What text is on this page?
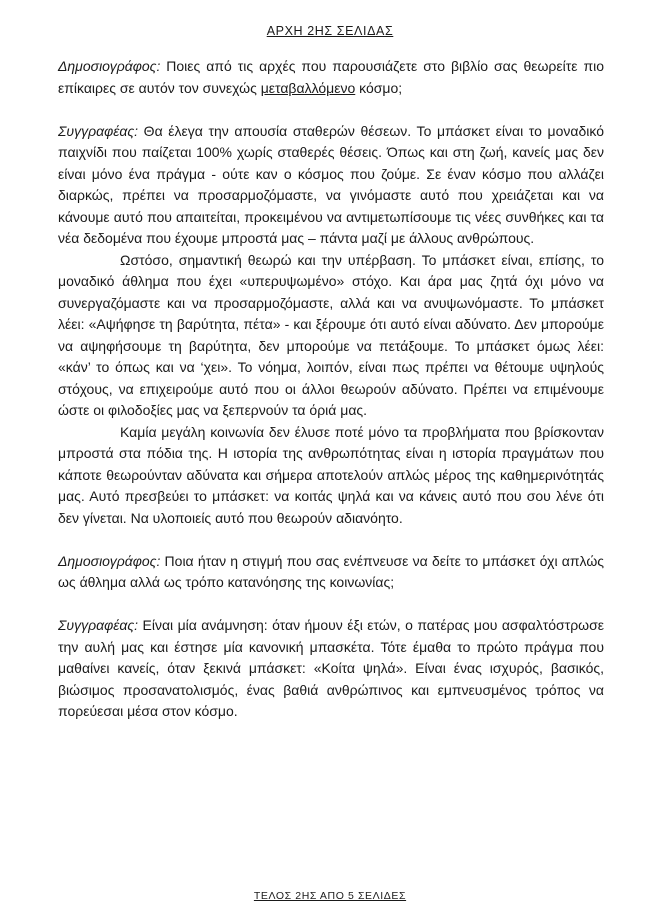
ΑΡΧΗ 2ΗΣ ΣΕΛΙΔΑΣ

Δημοσιογράφος: Ποιες από τις αρχές που παρουσιάζετε στο βιβλίο σας θεωρείτε πιο επίκαιρες σε αυτόν τον συνεχώς μεταβαλλόμενο κόσμο;

Συγγραφέας: Θα έλεγα την απουσία σταθερών θέσεων. Το μπάσκετ είναι το μοναδικό παιχνίδι που παίζεται 100% χωρίς σταθερές θέσεις. Όπως και στη ζωή, κανείς μας δεν είναι μόνο ένα πράγμα - ούτε καν ο κόσμος που ζούμε. Σε έναν κόσμο που αλλάζει διαρκώς, πρέπει να προσαρμοζόμαστε, να γινόμαστε αυτό που χρειάζεται και να κάνουμε αυτό που απαιτείται, προκειμένου να αντιμετωπίσουμε τις νέες συνθήκες και τα νέα δεδομένα που έχουμε μπροστά μας – πάντα μαζί με άλλους ανθρώπους.

Ωστόσο, σημαντική θεωρώ και την υπέρβαση. Το μπάσκετ είναι, επίσης, το μοναδικό άθλημα που έχει «υπερυψωμένο» στόχο. Και άρα μας ζητά όχι μόνο να συνεργαζόμαστε και να προσαρμοζόμαστε, αλλά και να ανυψωνόμαστε. Το μπάσκετ λέει: «Αψήφησε τη βαρύτητα, πέτα» - και ξέρουμε ότι αυτό είναι αδύνατο. Δεν μπορούμε να αψηφήσουμε τη βαρύτητα, δεν μπορούμε να πετάξουμε. Το μπάσκετ όμως λέει: «κάν’ το όπως και να ‘χει». Το νόημα, λοιπόν, είναι πως πρέπει να θέτουμε υψηλούς στόχους, να επιχειρούμε αυτό που οι άλλοι θεωρούν αδύνατο. Πρέπει να επιμένουμε ώστε οι φιλοδοξίες μας να ξεπερνούν τα όριά μας.

Καμία μεγάλη κοινωνία δεν έλυσε ποτέ μόνο τα προβλήματα που βρίσκονταν μπροστά στα πόδια της. Η ιστορία της ανθρωπότητας είναι η ιστορία πραγμάτων που κάποτε θεωρούνταν αδύνατα και σήμερα αποτελούν απλώς μέρος της καθημερινότητάς μας. Αυτό πρεσβεύει το μπάσκετ: να κοιτάς ψηλά και να κάνεις αυτό που σου λένε ότι δεν γίνεται. Να υλοποιείς αυτό που θεωρούν αδιανόητο.

Δημοσιογράφος: Ποια ήταν η στιγμή που σας ενέπνευσε να δείτε το μπάσκετ όχι απλώς ως άθλημα αλλά ως τρόπο κατανόησης της κοινωνίας;

Συγγραφέας: Είναι μία ανάμνηση: όταν ήμουν έξι ετών, ο πατέρας μου ασφαλτόστρωσε την αυλή μας και έστησε μία κανονική μπασκέτα. Τότε έμαθα το πρώτο πράγμα που μαθαίνει κανείς, όταν ξεκινά μπάσκετ: «Κοίτα ψηλά». Είναι ένας ισχυρός, βασικός, βιώσιμος προσανατολισμός, ένας βαθιά ανθρώπινος και εμπνευσμένος τρόπος να πορεύεσαι μέσα στον κόσμο.

ΤΕΛΟΣ 2ΗΣ ΑΠΟ 5 ΣΕΛΙΔΕΣ
